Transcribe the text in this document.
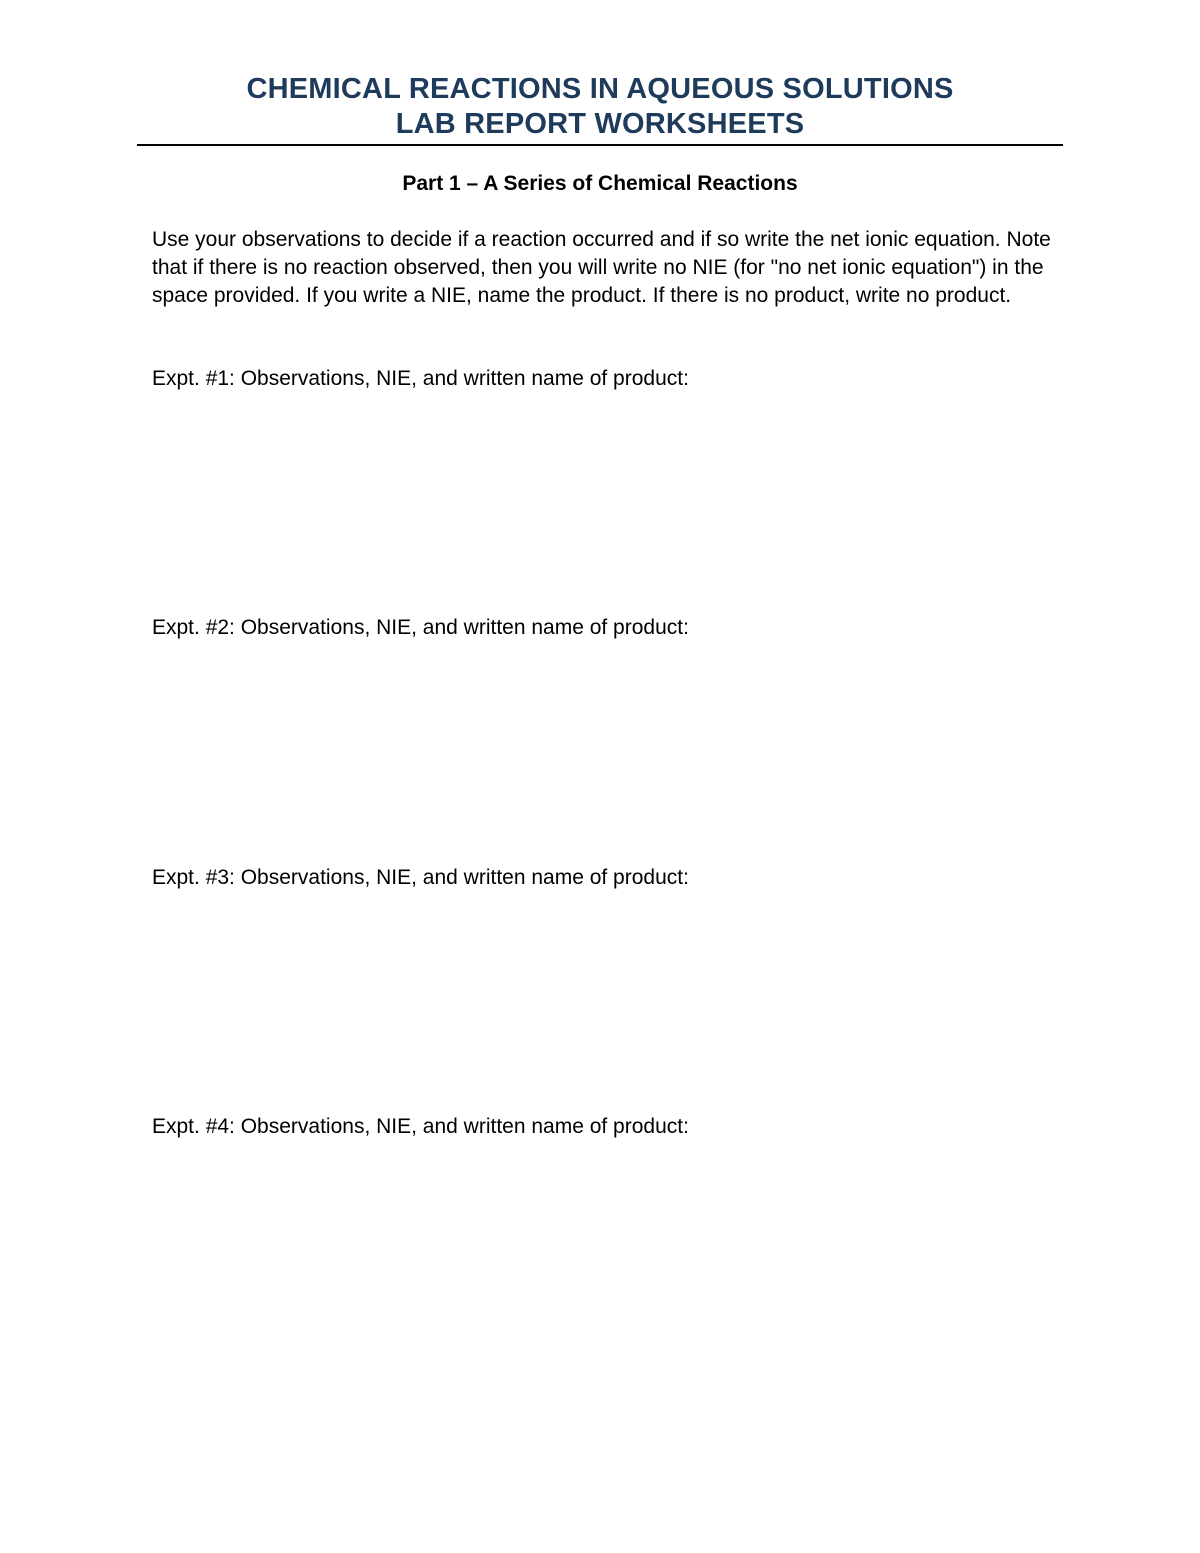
CHEMICAL REACTIONS IN AQUEOUS SOLUTIONS
LAB REPORT WORKSHEETS
Part 1 – A Series of Chemical Reactions

Use your observations to decide if a reaction occurred and if so write the net ionic equation. Note that if there is no reaction observed, then you will write no NIE (for "no net ionic equation") in the space provided. If you write a NIE, name the product. If there is no product, write no product.

Expt. #1: Observations, NIE, and written name of product:

Expt. #2: Observations, NIE, and written name of product:

Expt. #3: Observations, NIE, and written name of product:

Expt. #4: Observations, NIE, and written name of product:
